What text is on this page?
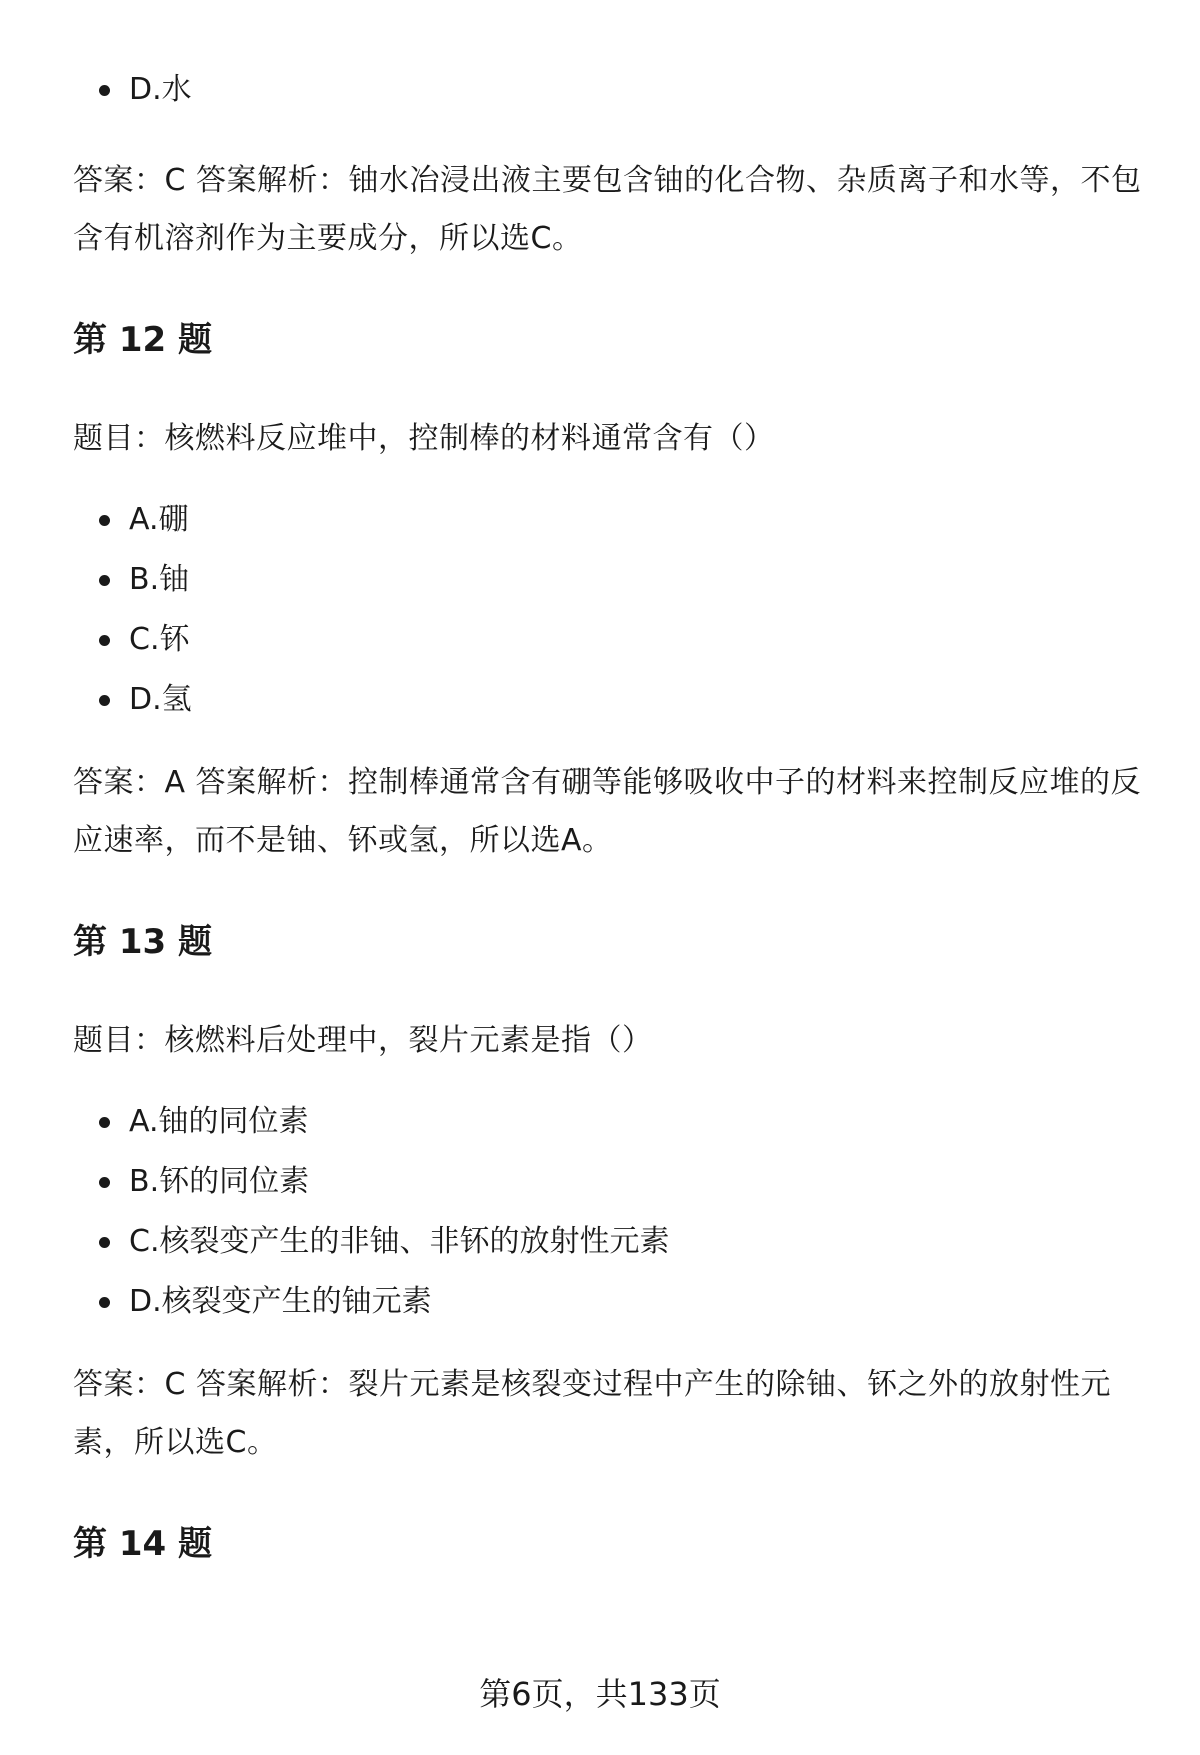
D.水

答案：C 答案解析：铀水冶浸出液主要包含铀的化合物、杂质离子和水等，不包含有机溶剂作为主要成分，所以选C。

第 12 题

题目：核燃料反应堆中，控制棒的材料通常含有（）

A.硼
B.铀
C.钚
D.氢

答案：A 答案解析：控制棒通常含有硼等能够吸收中子的材料来控制反应堆的反应速率，而不是铀、钚或氢，所以选A。

第 13 题

题目：核燃料后处理中，裂片元素是指（）

A.铀的同位素
B.钚的同位素
C.核裂变产生的非铀、非钚的放射性元素
D.核裂变产生的铀元素

答案：C 答案解析：裂片元素是核裂变过程中产生的除铀、钚之外的放射性元素，所以选C。

第 14 题
第6页，共133页
